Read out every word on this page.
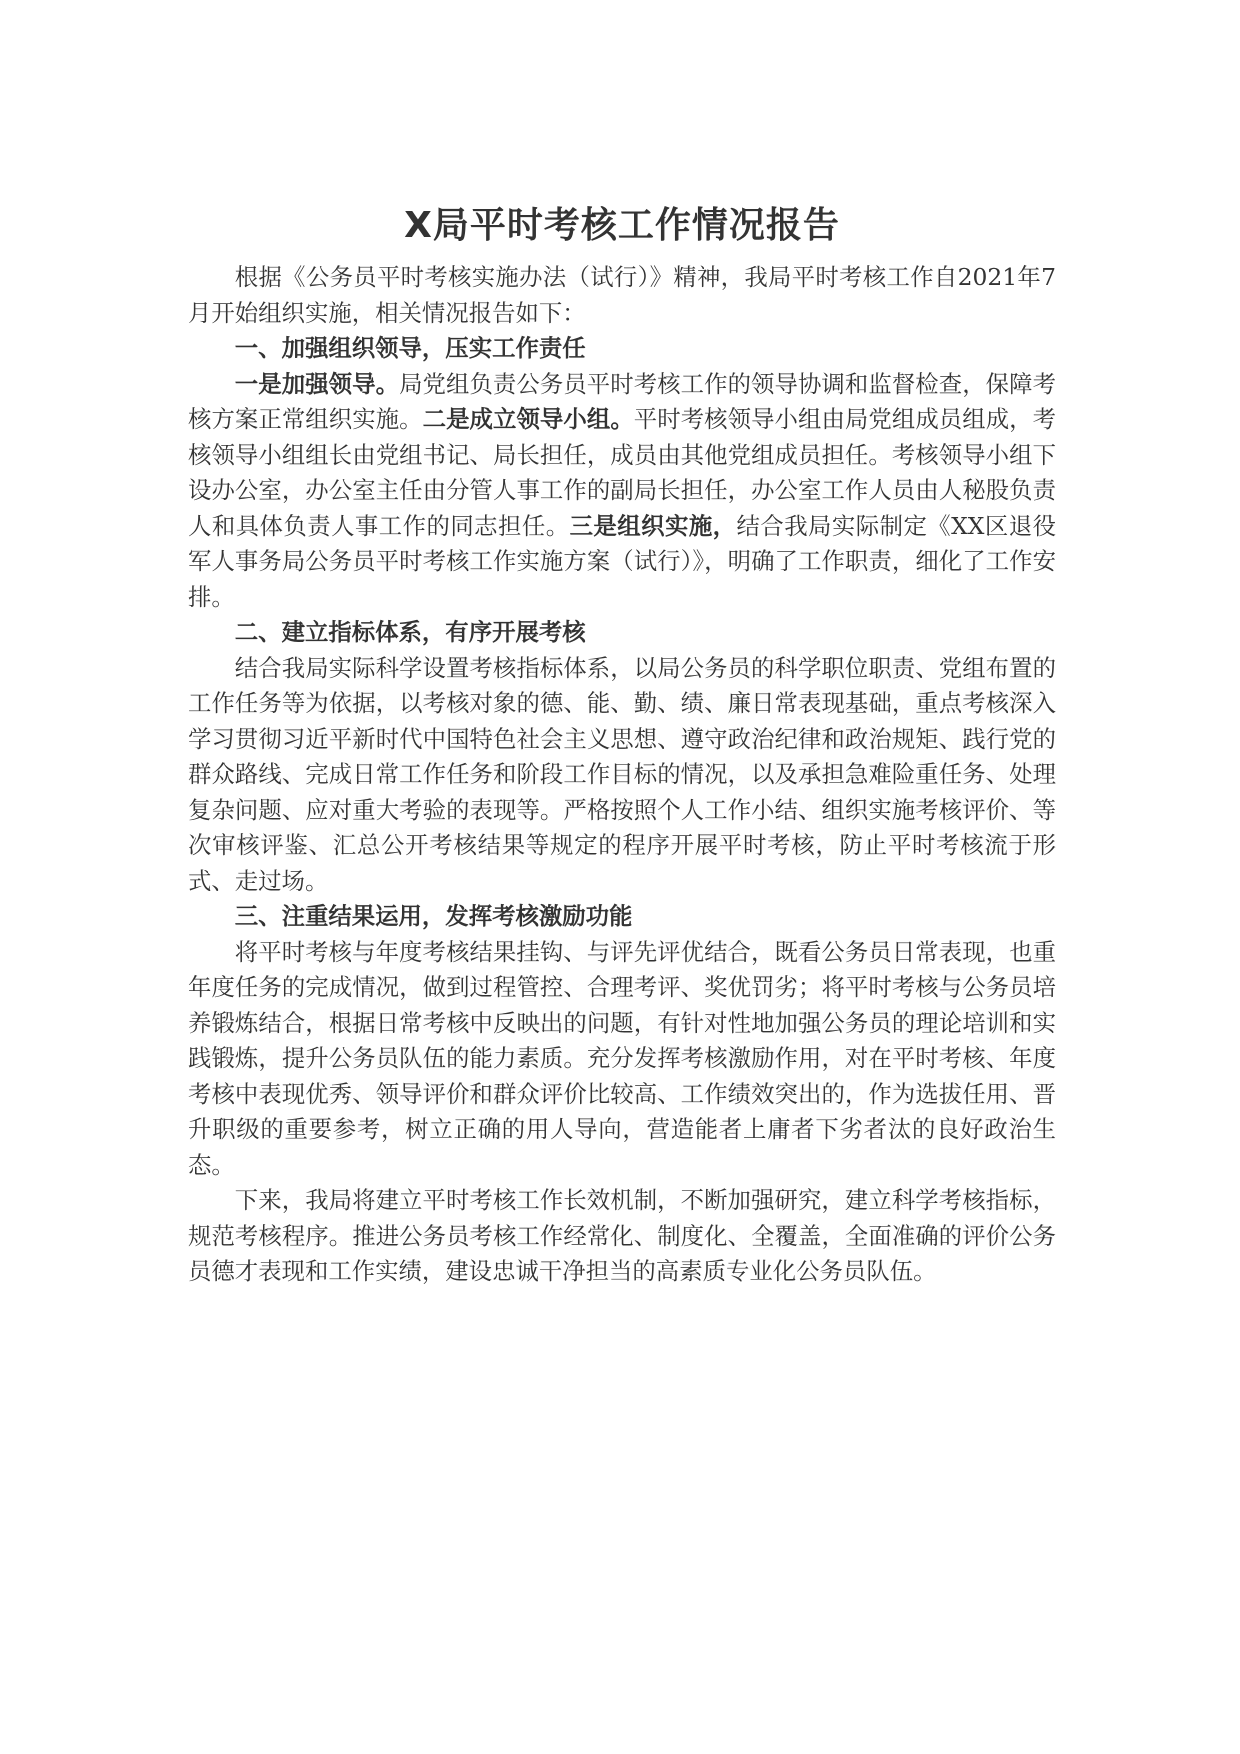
X局平时考核工作情况报告

根据《公务员平时考核实施办法（试行）》精神，我局平时考核工作自2021年7月开始组织实施，相关情况报告如下：

一、加强组织领导，压实工作责任

一是加强领导。局党组负责公务员平时考核工作的领导协调和监督检查，保障考核方案正常组织实施。二是成立领导小组。平时考核领导小组由局党组成员组成，考核领导小组组长由党组书记、局长担任，成员由其他党组成员担任。考核领导小组下设办公室，办公室主任由分管人事工作的副局长担任，办公室工作人员由人秘股负责人和具体负责人事工作的同志担任。三是组织实施，结合我局实际制定《XX区退役军人事务局公务员平时考核工作实施方案（试行）》，明确了工作职责，细化了工作安排。

二、建立指标体系，有序开展考核

结合我局实际科学设置考核指标体系，以局公务员的科学职位职责、党组布置的工作任务等为依据，以考核对象的德、能、勤、绩、廉日常表现基础，重点考核深入学习贯彻习近平新时代中国特色社会主义思想、遵守政治纪律和政治规矩、践行党的群众路线、完成日常工作任务和阶段工作目标的情况，以及承担急难险重任务、处理复杂问题、应对重大考验的表现等。严格按照个人工作小结、组织实施考核评价、等次审核评鉴、汇总公开考核结果等规定的程序开展平时考核，防止平时考核流于形式、走过场。

三、注重结果运用，发挥考核激励功能

将平时考核与年度考核结果挂钩、与评先评优结合，既看公务员日常表现，也重年度任务的完成情况，做到过程管控、合理考评、奖优罚劣；将平时考核与公务员培养锻炼结合，根据日常考核中反映出的问题，有针对性地加强公务员的理论培训和实践锻炼，提升公务员队伍的能力素质。充分发挥考核激励作用，对在平时考核、年度考核中表现优秀、领导评价和群众评价比较高、工作绩效突出的，作为选拔任用、晋升职级的重要参考，树立正确的用人导向，营造能者上庸者下劣者汰的良好政治生态。

下来，我局将建立平时考核工作长效机制，不断加强研究，建立科学考核指标，规范考核程序。推进公务员考核工作经常化、制度化、全覆盖，全面准确的评价公务员德才表现和工作实绩，建设忠诚干净担当的高素质专业化公务员队伍。
